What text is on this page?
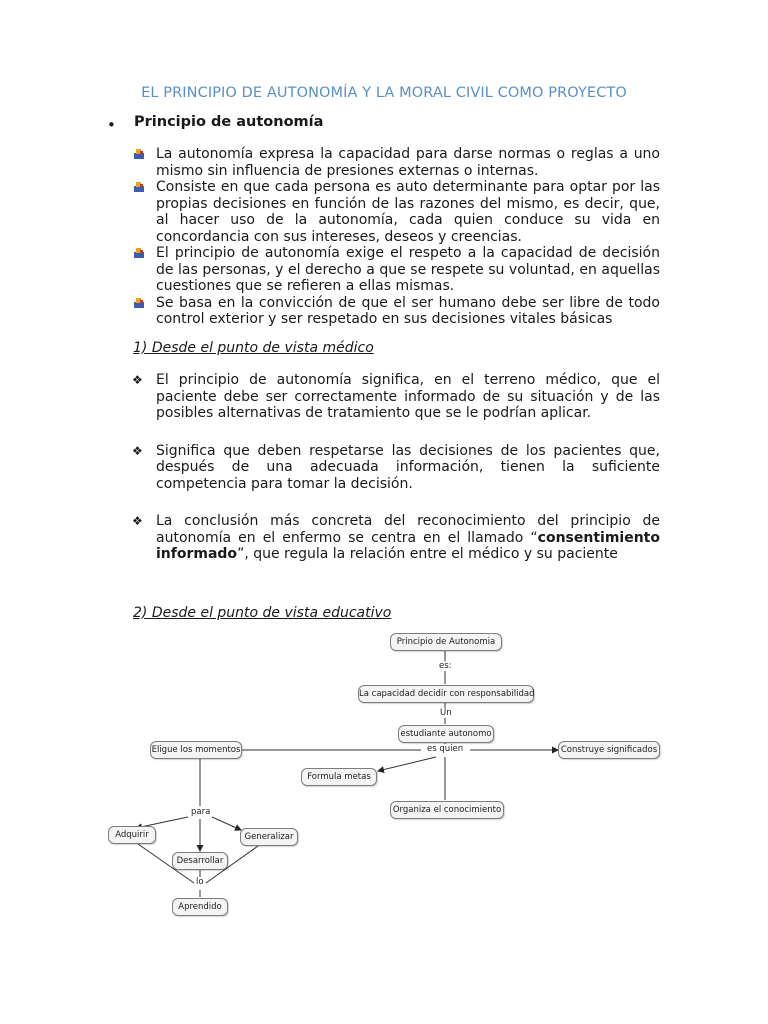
EL PRINCIPIO DE AUTONOMÍA Y LA MORAL CIVIL COMO PROYECTO
• Principio de autonomía
La autonomía expresa la capacidad para darse normas o reglas a uno mismo sin influencia de presiones externas o internas.
Consiste en que cada persona es auto determinante para optar por las propias decisiones en función de las razones del mismo, es decir, que, al hacer uso de la autonomía, cada quien conduce su vida en concordancia con sus intereses, deseos y creencias.
El principio de autonomía exige el respeto a la capacidad de decisión de las personas, y el derecho a que se respete su voluntad, en aquellas cuestiones que se refieren a ellas mismas.
Se basa en la convicción de que el ser humano debe ser libre de todo control exterior y ser respetado en sus decisiones vitales básicas
1) Desde el punto de vista médico
❖ El principio de autonomía significa, en el terreno médico, que el paciente debe ser correctamente informado de su situación y de las posibles alternativas de tratamiento que se le podrían aplicar.
❖ Significa que deben respetarse las decisiones de los pacientes que, después de una adecuada información, tienen la suficiente competencia para tomar la decisión.
❖ La conclusión más concreta del reconocimiento del principio de autonomía en el enfermo se centra en el llamado “consentimiento informado”, que regula la relación entre el médico y su paciente
2) Desde el punto de vista educativo
Principio de Autonomia
es:
La capacidad decidir con responsabilidad
Un
estudiante autonomo
es quien
Eligue los momentos	Construye significados
Formula metas
Organiza el conocimiento
para
Adquirir	Generalizar
Desarrollar
lo
Aprendido
